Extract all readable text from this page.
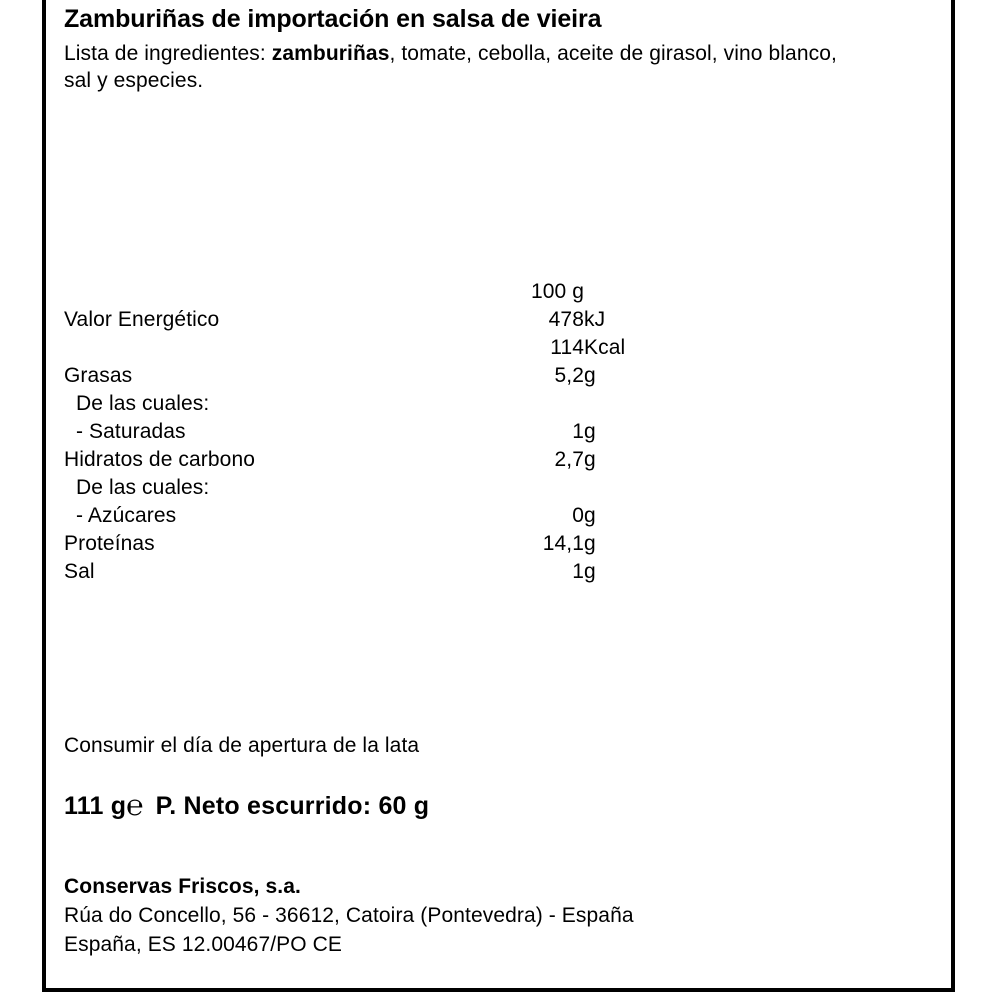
Zamburiñas de importación en salsa de vieira
Lista de ingredientes: zamburiñas, tomate, cebolla, aceite de girasol, vino blanco, sal y especies.
100 g
Valor Energético	478 kJ
114 Kcal
Grasas	5,2 g
De las cuales:
- Saturadas	1 g
Hidratos de carbono	2,7 g
De las cuales:
- Azúcares	0 g
Proteínas	14,1 g
Sal	1 g
Consumir el día de apertura de la lata
111 g℮ P. Neto escurrido: 60 g
Conservas Friscos, s.a.
Rúa do Concello, 56 - 36612, Catoira (Pontevedra) - España
España, ES 12.00467/PO CE
